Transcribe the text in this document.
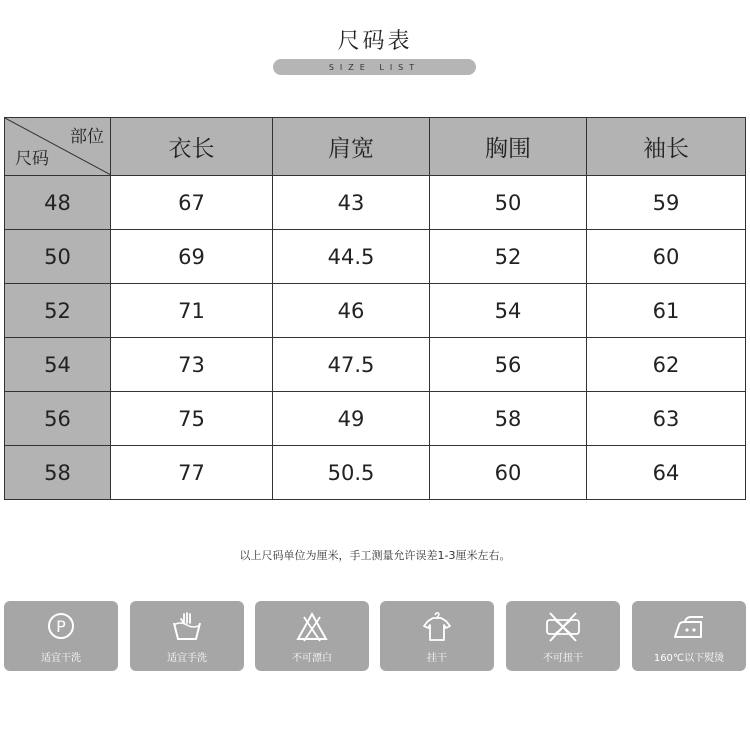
尺码表
SIZE LIST
部位
尺码	衣长	肩宽	胸围	袖长
48	67	43	50	59
50	69	44.5	52	60
52	71	46	54	61
54	73	47.5	56	62
56	75	49	58	63
58	77	50.5	60	64
以上尺码单位为厘米，手工测量允许误差1-3厘米左右。
P
适宜干洗	适宜手洗	不可漂白	挂干	不可扭干	160℃以下熨烫
